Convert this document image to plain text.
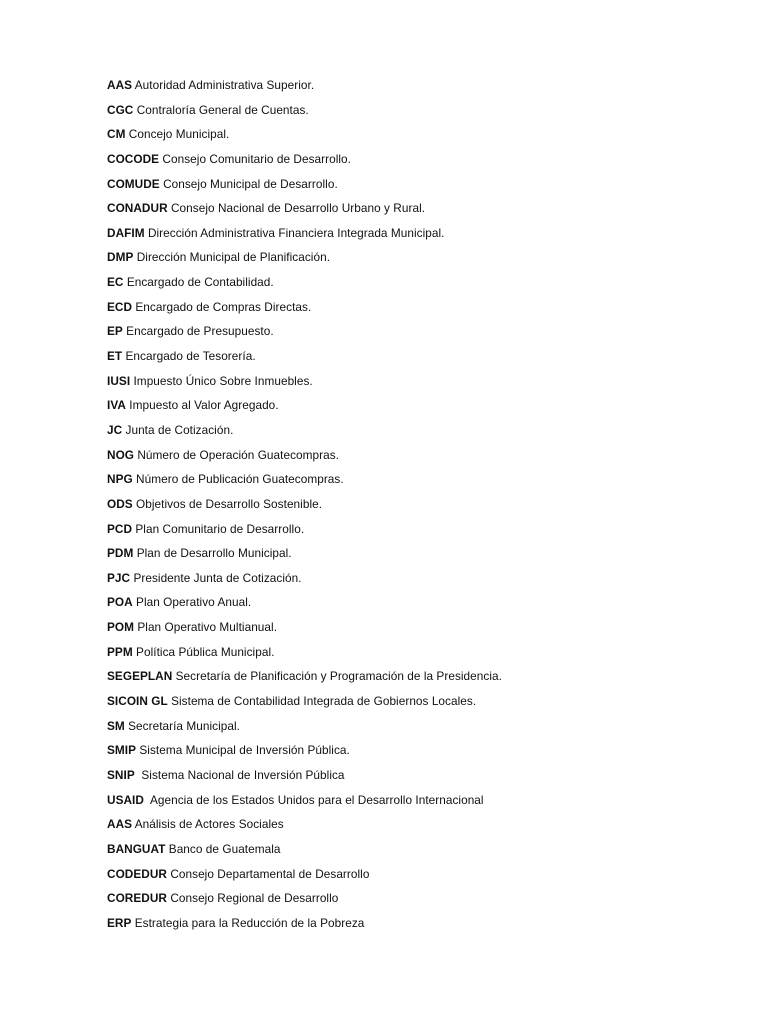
AAS Autoridad Administrativa Superior.
CGC Contraloría General de Cuentas.
CM Concejo Municipal.
COCODE Consejo Comunitario de Desarrollo.
COMUDE Consejo Municipal de Desarrollo.
CONADUR Consejo Nacional de Desarrollo Urbano y Rural.
DAFIM Dirección Administrativa Financiera Integrada Municipal.
DMP Dirección Municipal de Planificación.
EC Encargado de Contabilidad.
ECD Encargado de Compras Directas.
EP Encargado de Presupuesto.
ET Encargado de Tesorería.
IUSI Impuesto Único Sobre Inmuebles.
IVA Impuesto al Valor Agregado.
JC Junta de Cotización.
NOG Número de Operación Guatecompras.
NPG Número de Publicación Guatecompras.
ODS Objetivos de Desarrollo Sostenible.
PCD Plan Comunitario de Desarrollo.
PDM Plan de Desarrollo Municipal.
PJC Presidente Junta de Cotización.
POA Plan Operativo Anual.
POM Plan Operativo Multianual.
PPM Política Pública Municipal.
SEGEPLAN Secretaría de Planificación y Programación de la Presidencia.
SICOIN GL Sistema de Contabilidad Integrada de Gobiernos Locales.
SM Secretaría Municipal.
SMIP Sistema Municipal de Inversión Pública.
SNIP Sistema Nacional de Inversión Pública
USAID Agencia de los Estados Unidos para el Desarrollo Internacional
AAS Análisis de Actores Sociales
BANGUAT Banco de Guatemala
CODEDUR Consejo Departamental de Desarrollo
COREDUR Consejo Regional de Desarrollo
ERP Estrategia para la Reducción de la Pobreza
